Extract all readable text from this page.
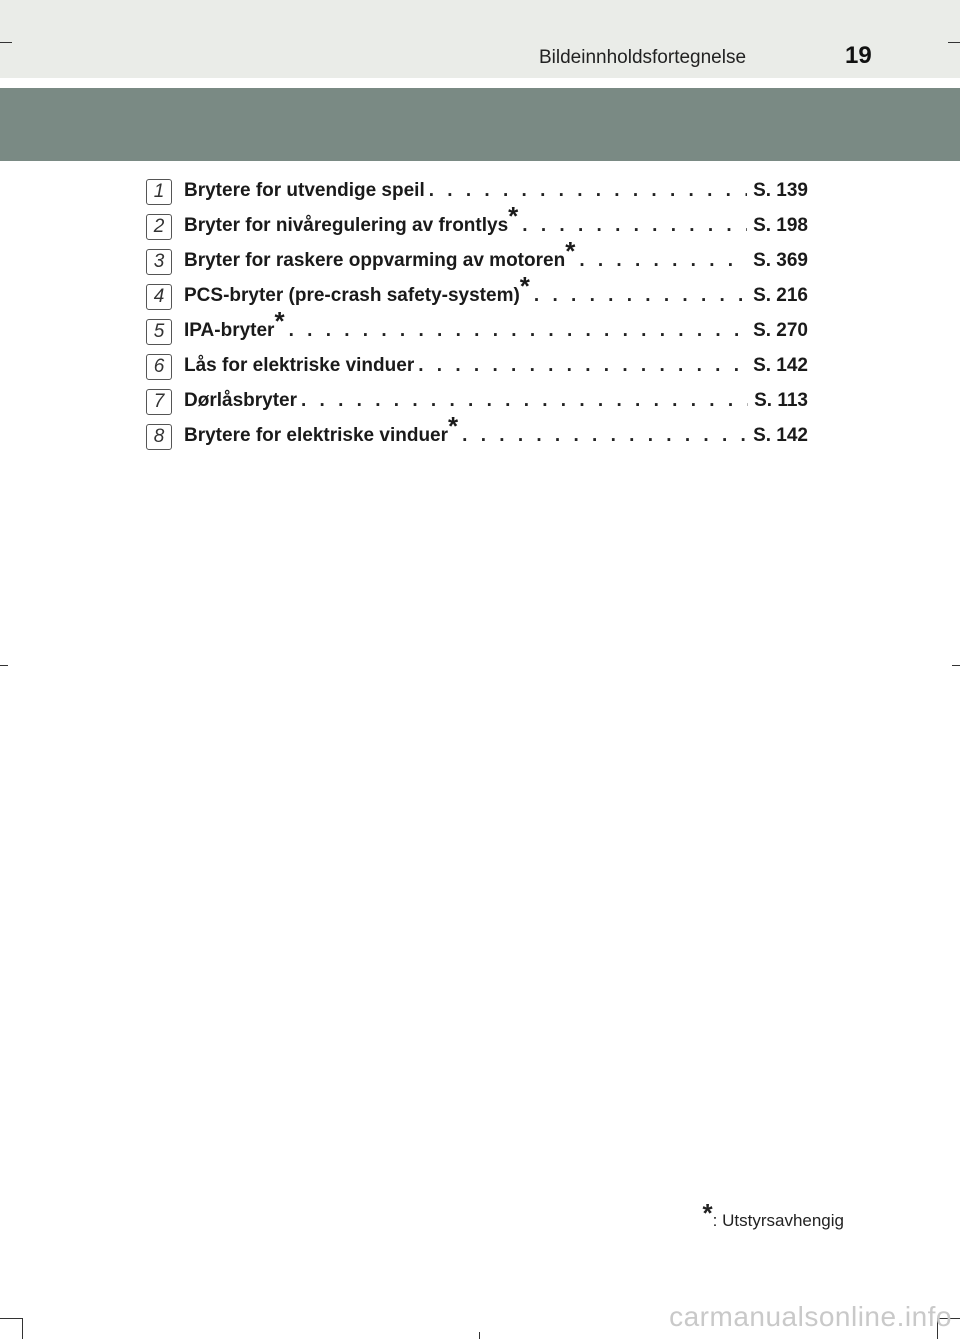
Bildeinnholdsfortegnelse	19
1	Brytere for utvendige speil . . .	S. 139
2	Bryter for nivåregulering av frontlys* . . .	S. 198
3	Bryter for raskere oppvarming av motoren* . . .	S. 369
4	PCS-bryter (pre-crash safety-system)* . . .	S. 216
5	IPA-bryter* . . .	S. 270
6	Lås for elektriske vinduer . . .	S. 142
7	Dørlåsbryter . . .	S. 113
8	Brytere for elektriske vinduer* . . .	S. 142
*: Utstyrsavhengig
carmanualsonline.info
